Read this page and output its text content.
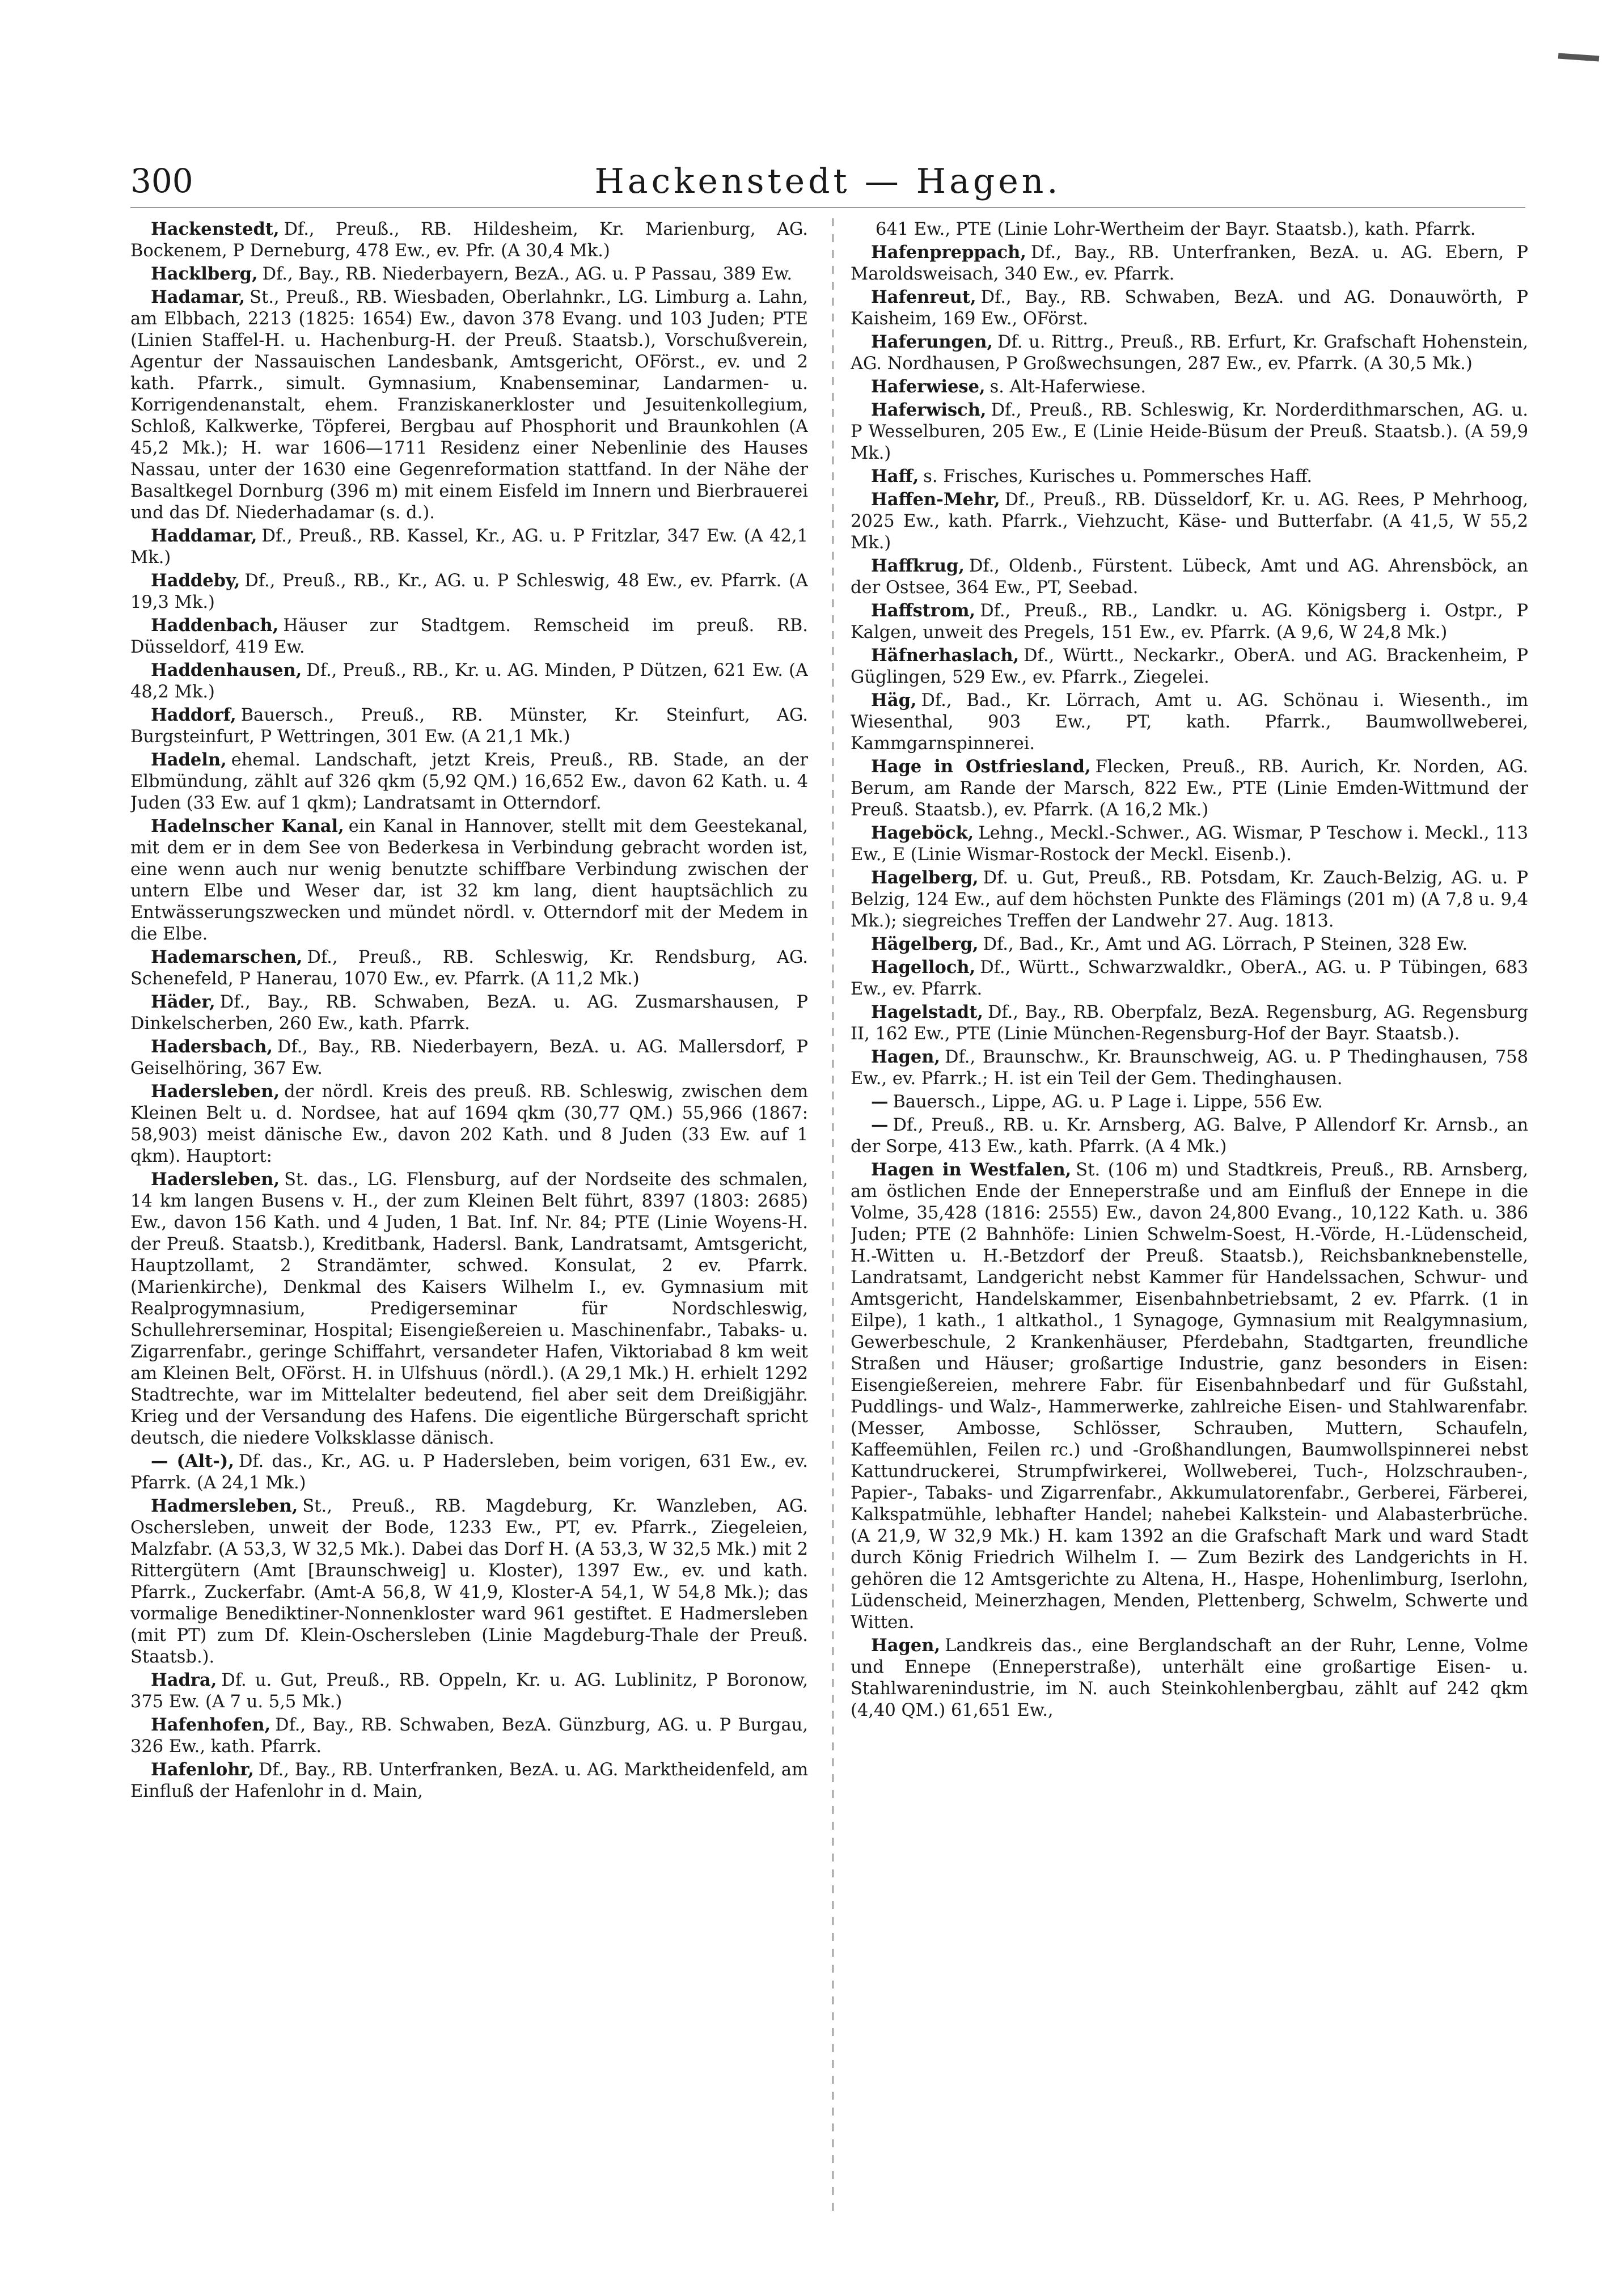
300	Hackenstedt — Hagen.

Hackenstedt, Df., Preuß., RB. Hildesheim, Kr. Marienburg, AG. Bockenem, P Derneburg, 478 Ew., ev. Pfr. (A 30,4 Mk.)

Hacklberg, Df., Bay., RB. Niederbayern, BezA., AG. u. P Passau, 389 Ew.

Hadamar, St., Preuß., RB. Wiesbaden, Oberlahnkr., LG. Limburg a. Lahn, am Elbbach, 2213 (1825: 1654) Ew., davon 378 Evang. und 103 Juden; PTE (Linien Staffel-H. u. Hachenburg-H. der Preuß. Staatsb.), Vorschußverein, Agentur der Nassauischen Landesbank, Amtsgericht, OFörst., ev. und 2 kath. Pfarrk., simult. Gymnasium, Knabenseminar, Landarmen- u. Korrigendenanstalt, ehem. Franziskanerkloster und Jesuitenkollegium, Schloß, Kalkwerke, Töpferei, Bergbau auf Phosphorit und Braunkohlen (A 45,2 Mk.); H. war 1606—1711 Residenz einer Nebenlinie des Hauses Nassau, unter der 1630 eine Gegenreformation stattfand. In der Nähe der Basaltkegel Dornburg (396 m) mit einem Eisfeld im Innern und Bierbrauerei und das Df. Niederhadamar (s. d.).

Haddamar, Df., Preuß., RB. Kassel, Kr., AG. u. P Fritzlar, 347 Ew. (A 42,1 Mk.)

Haddeby, Df., Preuß., RB., Kr., AG. u. P Schleswig, 48 Ew., ev. Pfarrk. (A 19,3 Mk.)

Haddenbach, Häuser zur Stadtgem. Remscheid im preuß. RB. Düsseldorf, 419 Ew.

Haddenhausen, Df., Preuß., RB., Kr. u. AG. Minden, P Dützen, 621 Ew. (A 48,2 Mk.)

Haddorf, Bauersch., Preuß., RB. Münster, Kr. Steinfurt, AG. Burgsteinfurt, P Wettringen, 301 Ew. (A 21,1 Mk.)

Hadeln, ehemal. Landschaft, jetzt Kreis, Preuß., RB. Stade, an der Elbmündung, zählt auf 326 qkm (5,92 QM.) 16,652 Ew., davon 62 Kath. u. 4 Juden (33 Ew. auf 1 qkm); Landratsamt in Otterndorf.

Hadelnscher Kanal, ein Kanal in Hannover, stellt mit dem Geestekanal, mit dem er in dem See von Bederkesa in Verbindung gebracht worden ist, eine wenn auch nur wenig benutzte schiffbare Verbindung zwischen der untern Elbe und Weser dar, ist 32 km lang, dient hauptsächlich zu Entwässerungszwecken und mündet nördl. v. Otterndorf mit der Medem in die Elbe.

Hademarschen, Df., Preuß., RB. Schleswig, Kr. Rendsburg, AG. Schenefeld, P Hanerau, 1070 Ew., ev. Pfarrk. (A 11,2 Mk.)

Häder, Df., Bay., RB. Schwaben, BezA. u. AG. Zusmarshausen, P Dinkelscherben, 260 Ew., kath. Pfarrk.

Hadersbach, Df., Bay., RB. Niederbayern, BezA. u. AG. Mallersdorf, P Geiselhöring, 367 Ew.

Hadersleben, der nördl. Kreis des preuß. RB. Schleswig, zwischen dem Kleinen Belt u. d. Nordsee, hat auf 1694 qkm (30,77 QM.) 55,966 (1867: 58,903) meist dänische Ew., davon 202 Kath. und 8 Juden (33 Ew. auf 1 qkm). Hauptort:

Hadersleben, St. das., LG. Flensburg, auf der Nordseite des schmalen, 14 km langen Busens v. H., der zum Kleinen Belt führt, 8397 (1803: 2685) Ew., davon 156 Kath. und 4 Juden, 1 Bat. Inf. Nr. 84; PTE (Linie Woyens-H. der Preuß. Staatsb.), Kreditbank, Hadersl. Bank, Landratsamt, Amtsgericht, Hauptzollamt, 2 Strandämter, schwed. Konsulat, 2 ev. Pfarrk. (Marienkirche), Denkmal des Kaisers Wilhelm I., ev. Gymnasium mit Realprogymnasium, Predigerseminar für Nordschleswig, Schullehrerseminar, Hospital; Eisengießereien u. Maschinenfabr., Tabaks- u. Zigarrenfabr., geringe Schiffahrt, versandeter Hafen, Viktoriabad 8 km weit am Kleinen Belt, OFörst. H. in Ulfshuus (nördl.). (A 29,1 Mk.) H. erhielt 1292 Stadtrechte, war im Mittelalter bedeutend, fiel aber seit dem Dreißigjähr. Krieg und der Versandung des Hafens. Die eigentliche Bürgerschaft spricht deutsch, die niedere Volksklasse dänisch.

— (Alt-), Df. das., Kr., AG. u. P Hadersleben, beim vorigen, 631 Ew., ev. Pfarrk. (A 24,1 Mk.)

Hadmersleben, St., Preuß., RB. Magdeburg, Kr. Wanzleben, AG. Oschersleben, unweit der Bode, 1233 Ew., PT, ev. Pfarrk., Ziegeleien, Malzfabr. (A 53,3, W 32,5 Mk.). Dabei das Dorf H. (A 53,3, W 32,5 Mk.) mit 2 Rittergütern (Amt [Braunschweig] u. Kloster), 1397 Ew., ev. und kath. Pfarrk., Zuckerfabr. (Amt-A 56,8, W 41,9, Kloster-A 54,1, W 54,8 Mk.); das vormalige Benediktiner-Nonnenkloster ward 961 gestiftet. E Hadmersleben (mit PT) zum Df. Klein-Oschersleben (Linie Magdeburg-Thale der Preuß. Staatsb.).

Hadra, Df. u. Gut, Preuß., RB. Oppeln, Kr. u. AG. Lublinitz, P Boronow, 375 Ew. (A 7 u. 5,5 Mk.)

Hafenhofen, Df., Bay., RB. Schwaben, BezA. Günzburg, AG. u. P Burgau, 326 Ew., kath. Pfarrk.

Hafenlohr, Df., Bay., RB. Unterfranken, BezA. u. AG. Marktheidenfeld, am Einfluß der Hafenlohr in d. Main,

641 Ew., PTE (Linie Lohr-Wertheim der Bayr. Staatsb.), kath. Pfarrk.

Hafenpreppach, Df., Bay., RB. Unterfranken, BezA. u. AG. Ebern, P Maroldsweisach, 340 Ew., ev. Pfarrk.

Hafenreut, Df., Bay., RB. Schwaben, BezA. und AG. Donauwörth, P Kaisheim, 169 Ew., OFörst.

Haferungen, Df. u. Rittrg., Preuß., RB. Erfurt, Kr. Grafschaft Hohenstein, AG. Nordhausen, P Großwechsungen, 287 Ew., ev. Pfarrk. (A 30,5 Mk.)

Haferwiese, s. Alt-Haferwiese.

Haferwisch, Df., Preuß., RB. Schleswig, Kr. Norderdithmarschen, AG. u. P Wesselburen, 205 Ew., E (Linie Heide-Büsum der Preuß. Staatsb.). (A 59,9 Mk.)

Haff, s. Frisches, Kurisches u. Pommersches Haff.

Haffen-Mehr, Df., Preuß., RB. Düsseldorf, Kr. u. AG. Rees, P Mehrhoog, 2025 Ew., kath. Pfarrk., Viehzucht, Käse- und Butterfabr. (A 41,5, W 55,2 Mk.)

Haffkrug, Df., Oldenb., Fürstent. Lübeck, Amt und AG. Ahrensböck, an der Ostsee, 364 Ew., PT, Seebad.

Haffstrom, Df., Preuß., RB., Landkr. u. AG. Königsberg i. Ostpr., P Kalgen, unweit des Pregels, 151 Ew., ev. Pfarrk. (A 9,6, W 24,8 Mk.)

Häfnerhaslach, Df., Württ., Neckarkr., OberA. und AG. Brackenheim, P Güglingen, 529 Ew., ev. Pfarrk., Ziegelei.

Häg, Df., Bad., Kr. Lörrach, Amt u. AG. Schönau i. Wiesenth., im Wiesenthal, 903 Ew., PT, kath. Pfarrk., Baumwollweberei, Kammgarnspinnerei.

Hage in Ostfriesland, Flecken, Preuß., RB. Aurich, Kr. Norden, AG. Berum, am Rande der Marsch, 822 Ew., PTE (Linie Emden-Wittmund der Preuß. Staatsb.), ev. Pfarrk. (A 16,2 Mk.)

Hageböck, Lehng., Meckl.-Schwer., AG. Wismar, P Teschow i. Meckl., 113 Ew., E (Linie Wismar-Rostock der Meckl. Eisenb.).

Hagelberg, Df. u. Gut, Preuß., RB. Potsdam, Kr. Zauch-Belzig, AG. u. P Belzig, 124 Ew., auf dem höchsten Punkte des Flämings (201 m) (A 7,8 u. 9,4 Mk.); siegreiches Treffen der Landwehr 27. Aug. 1813.

Hägelberg, Df., Bad., Kr., Amt und AG. Lörrach, P Steinen, 328 Ew.

Hagelloch, Df., Württ., Schwarzwaldkr., OberA., AG. u. P Tübingen, 683 Ew., ev. Pfarrk.

Hagelstadt, Df., Bay., RB. Oberpfalz, BezA. Regensburg, AG. Regensburg II, 162 Ew., PTE (Linie München-Regensburg-Hof der Bayr. Staatsb.).

Hagen, Df., Braunschw., Kr. Braunschweig, AG. u. P Thedinghausen, 758 Ew., ev. Pfarrk.; H. ist ein Teil der Gem. Thedinghausen.

— Bauersch., Lippe, AG. u. P Lage i. Lippe, 556 Ew.

— Df., Preuß., RB. u. Kr. Arnsberg, AG. Balve, P Allendorf Kr. Arnsb., an der Sorpe, 413 Ew., kath. Pfarrk. (A 4 Mk.)

Hagen in Westfalen, St. (106 m) und Stadtkreis, Preuß., RB. Arnsberg, am östlichen Ende der Enneperstraße und am Einfluß der Ennepe in die Volme, 35,428 (1816: 2555) Ew., davon 24,800 Evang., 10,122 Kath. u. 386 Juden; PTE (2 Bahnhöfe: Linien Schwelm-Soest, H.-Vörde, H.-Lüdenscheid, H.-Witten u. H.-Betzdorf der Preuß. Staatsb.), Reichsbanknebenstelle, Landratsamt, Landgericht nebst Kammer für Handelssachen, Schwur- und Amtsgericht, Handelskammer, Eisenbahnbetriebsamt, 2 ev. Pfarrk. (1 in Eilpe), 1 kath., 1 altkathol., 1 Synagoge, Gymnasium mit Realgymnasium, Gewerbeschule, 2 Krankenhäuser, Pferdebahn, Stadtgarten, freundliche Straßen und Häuser; großartige Industrie, ganz besonders in Eisen: Eisengießereien, mehrere Fabr. für Eisenbahnbedarf und für Gußstahl, Puddlings- und Walz-, Hammerwerke, zahlreiche Eisen- und Stahlwarenfabr. (Messer, Ambosse, Schlösser, Schrauben, Muttern, Schaufeln, Kaffeemühlen, Feilen rc.) und -Großhandlungen, Baumwollspinnerei nebst Kattundruckerei, Strumpfwirkerei, Wollweberei, Tuch-, Holzschrauben-, Papier-, Tabaks- und Zigarrenfabr., Akkumulatorenfabr., Gerberei, Färberei, Kalkspatmühle, lebhafter Handel; nahebei Kalkstein- und Alabasterbrüche. (A 21,9, W 32,9 Mk.) H. kam 1392 an die Grafschaft Mark und ward Stadt durch König Friedrich Wilhelm I. — Zum Bezirk des Landgerichts in H. gehören die 12 Amtsgerichte zu Altena, H., Haspe, Hohenlimburg, Iserlohn, Lüdenscheid, Meinerzhagen, Menden, Plettenberg, Schwelm, Schwerte und Witten.

Hagen, Landkreis das., eine Berglandschaft an der Ruhr, Lenne, Volme und Ennepe (Enneperstraße), unterhält eine großartige Eisen- u. Stahlwarenindustrie, im N. auch Steinkohlenbergbau, zählt auf 242 qkm (4,40 QM.) 61,651 Ew.,
